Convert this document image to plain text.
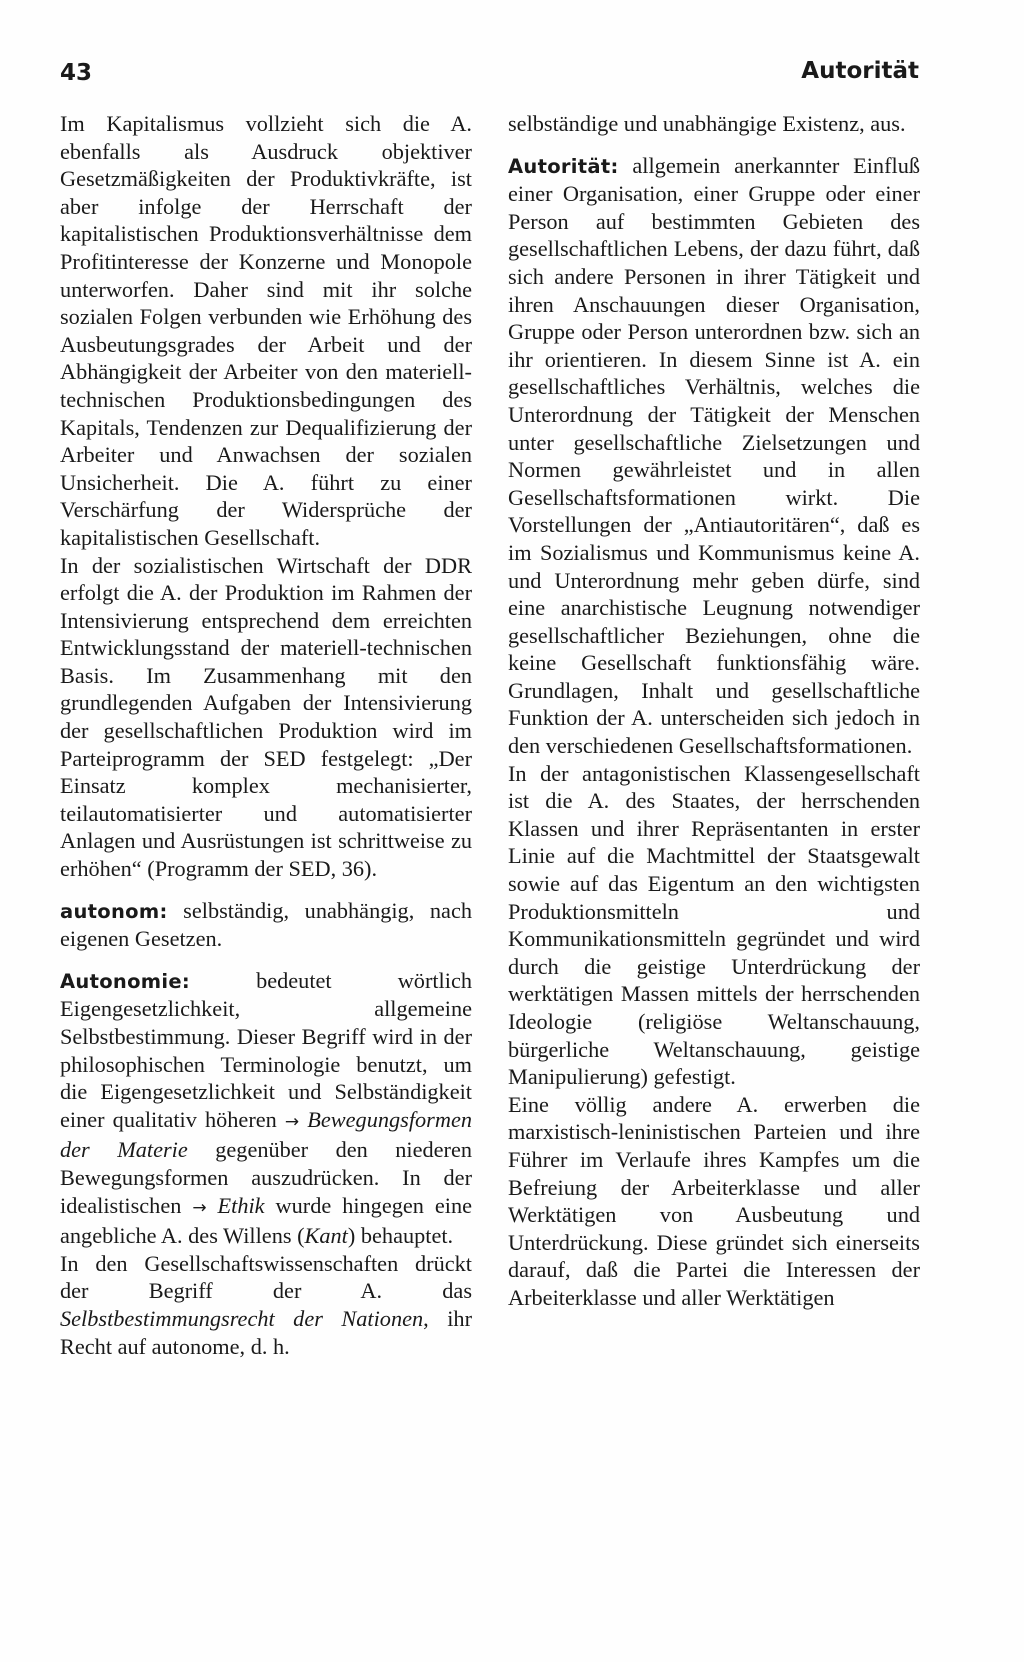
43	Autorität

Im Kapitalismus vollzieht sich die A. ebenfalls als Ausdruck objektiver Gesetzmäßigkeiten der Produktivkräfte, ist aber infolge der Herrschaft der kapitalistischen Produktionsverhältnisse dem Profitinteresse der Konzerne und Monopole unterworfen. Daher sind mit ihr solche sozialen Folgen verbunden wie Erhöhung des Ausbeutungsgrades der Arbeit und der Abhängigkeit der Arbeiter von den materiell-technischen Produktionsbedingungen des Kapitals, Tendenzen zur Dequalifizierung der Arbeiter und Anwachsen der sozialen Unsicherheit. Die A. führt zu einer Verschärfung der Widersprüche der kapitalistischen Gesellschaft.

In der sozialistischen Wirtschaft der DDR erfolgt die A. der Produktion im Rahmen der Intensivierung entsprechend dem erreichten Entwicklungsstand der materiell-technischen Basis. Im Zusammenhang mit den grundlegenden Aufgaben der Intensivierung der gesellschaftlichen Produktion wird im Parteiprogramm der SED festgelegt: „Der Einsatz komplex mechanisierter, teilautomatisierter und automatisierter Anlagen und Ausrüstungen ist schrittweise zu erhöhen“ (Programm der SED, 36).

autonom: selbständig, unabhängig, nach eigenen Gesetzen.

Autonomie: bedeutet wörtlich Eigengesetzlichkeit, allgemeine Selbstbestimmung. Dieser Begriff wird in der philosophischen Terminologie benutzt, um die Eigengesetzlichkeit und Selbständigkeit einer qualitativ höheren → Bewegungsformen der Materie gegenüber den niederen Bewegungsformen auszudrücken. In der idealistischen → Ethik wurde hingegen eine angebliche A. des Willens (Kant) behauptet.

In den Gesellschaftswissenschaften drückt der Begriff der A. das Selbstbestimmungsrecht der Nationen, ihr Recht auf autonome, d. h.

selbständige und unabhängige Existenz, aus.

Autorität: allgemein anerkannter Einfluß einer Organisation, einer Gruppe oder einer Person auf bestimmten Gebieten des gesellschaftlichen Lebens, der dazu führt, daß sich andere Personen in ihrer Tätigkeit und ihren Anschauungen dieser Organisation, Gruppe oder Person unterordnen bzw. sich an ihr orientieren. In diesem Sinne ist A. ein gesellschaftliches Verhältnis, welches die Unterordnung der Tätigkeit der Menschen unter gesellschaftliche Zielsetzungen und Normen gewährleistet und in allen Gesellschaftsformationen wirkt. Die Vorstellungen der „Antiautoritären“, daß es im Sozialismus und Kommunismus keine A. und Unterordnung mehr geben dürfe, sind eine anarchistische Leugnung notwendiger gesellschaftlicher Beziehungen, ohne die keine Gesellschaft funktionsfähig wäre. Grundlagen, Inhalt und gesellschaftliche Funktion der A. unterscheiden sich jedoch in den verschiedenen Gesellschaftsformationen.

In der antagonistischen Klassengesellschaft ist die A. des Staates, der herrschenden Klassen und ihrer Repräsentanten in erster Linie auf die Machtmittel der Staatsgewalt sowie auf das Eigentum an den wichtigsten Produktionsmitteln und Kommunikationsmitteln gegründet und wird durch die geistige Unterdrückung der werktätigen Massen mittels der herrschenden Ideologie (religiöse Weltanschauung, bürgerliche Weltanschauung, geistige Manipulierung) gefestigt.

Eine völlig andere A. erwerben die marxistisch-leninistischen Parteien und ihre Führer im Verlaufe ihres Kampfes um die Befreiung der Arbeiterklasse und aller Werktätigen von Ausbeutung und Unterdrückung. Diese gründet sich einerseits darauf, daß die Partei die Interessen der Arbeiterklasse und aller Werktätigen
